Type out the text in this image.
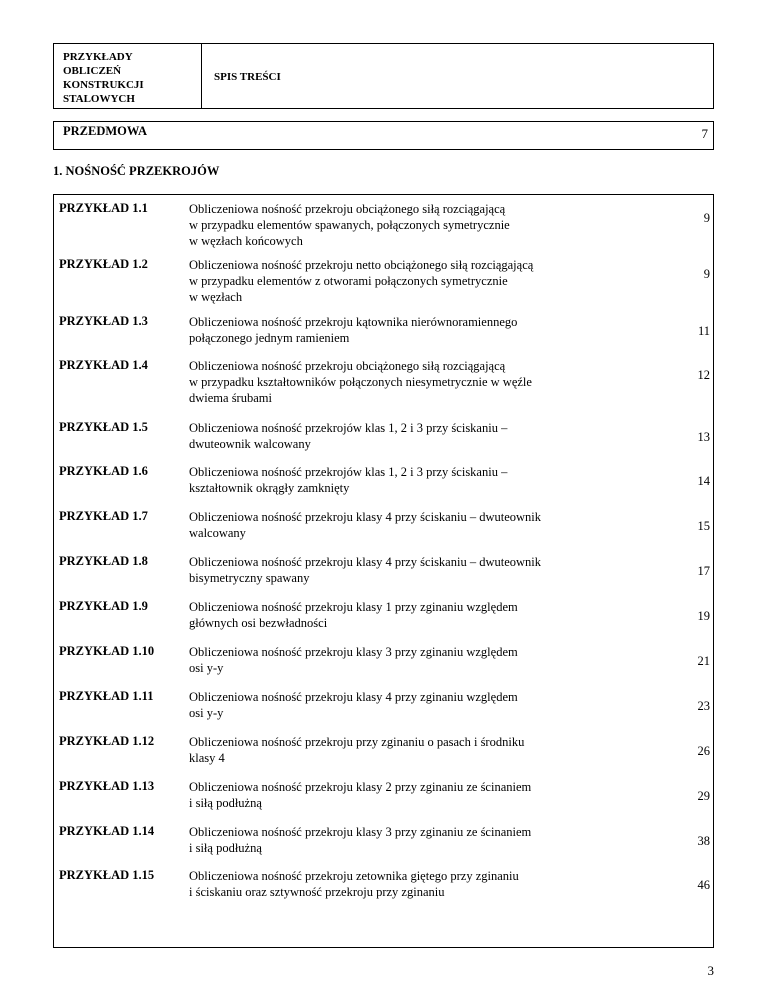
PRZYKŁADY
OBLICZEŃ
KONSTRUKCJI
STALOWYCH
SPIS TREŚCI
PRZEDMOWA	7
1. NOŚNOŚĆ PRZEKROJÓW
PRZYKŁAD 1.1	Obliczeniowa nośność przekroju obciążonego siłą rozciągającą
w przypadku elementów spawanych, połączonych symetrycznie
w węzłach końcowych
9
PRZYKŁAD 1.2	Obliczeniowa nośność przekroju netto obciążonego siłą rozciągającą
w przypadku elementów z otworami połączonych symetrycznie
w węzłach
9
PRZYKŁAD 1.3	Obliczeniowa nośność przekroju kątownika nierównoramiennego
połączonego jednym ramieniem	11
PRZYKŁAD 1.4	Obliczeniowa nośność przekroju obciążonego siłą rozciągającą
w przypadku kształtowników połączonych niesymetrycznie w węźle
dwiema śrubami
12
PRZYKŁAD 1.5	Obliczeniowa nośność przekrojów klas 1, 2 i 3 przy ściskaniu –
dwuteownik walcowany	13
PRZYKŁAD 1.6	Obliczeniowa nośność przekrojów klas 1, 2 i 3 przy ściskaniu –
kształtownik okrągły zamknięty	14
PRZYKŁAD 1.7	Obliczeniowa nośność przekroju klasy 4 przy ściskaniu – dwuteownik
walcowany	15
PRZYKŁAD 1.8	Obliczeniowa nośność przekroju klasy 4 przy ściskaniu – dwuteownik
bisymetryczny spawany	17
PRZYKŁAD 1.9	Obliczeniowa nośność przekroju klasy 1 przy zginaniu względem
głównych osi bezwładności	19
PRZYKŁAD 1.10	Obliczeniowa nośność przekroju klasy 3 przy zginaniu względem
osi y-y	21
PRZYKŁAD 1.11	Obliczeniowa nośność przekroju klasy 4 przy zginaniu względem
osi y-y	23
PRZYKŁAD 1.12	Obliczeniowa nośność przekroju przy zginaniu o pasach i środniku
klasy 4	26
PRZYKŁAD 1.13	Obliczeniowa nośność przekroju klasy 2 przy zginaniu ze ścinaniem
i siłą podłużną	29
PRZYKŁAD 1.14	Obliczeniowa nośność przekroju klasy 3 przy zginaniu ze ścinaniem
i siłą podłużną	38
PRZYKŁAD 1.15	Obliczeniowa nośność przekroju zetownika giętego przy zginaniu
i ściskaniu oraz sztywność przekroju przy zginaniu	46
3
